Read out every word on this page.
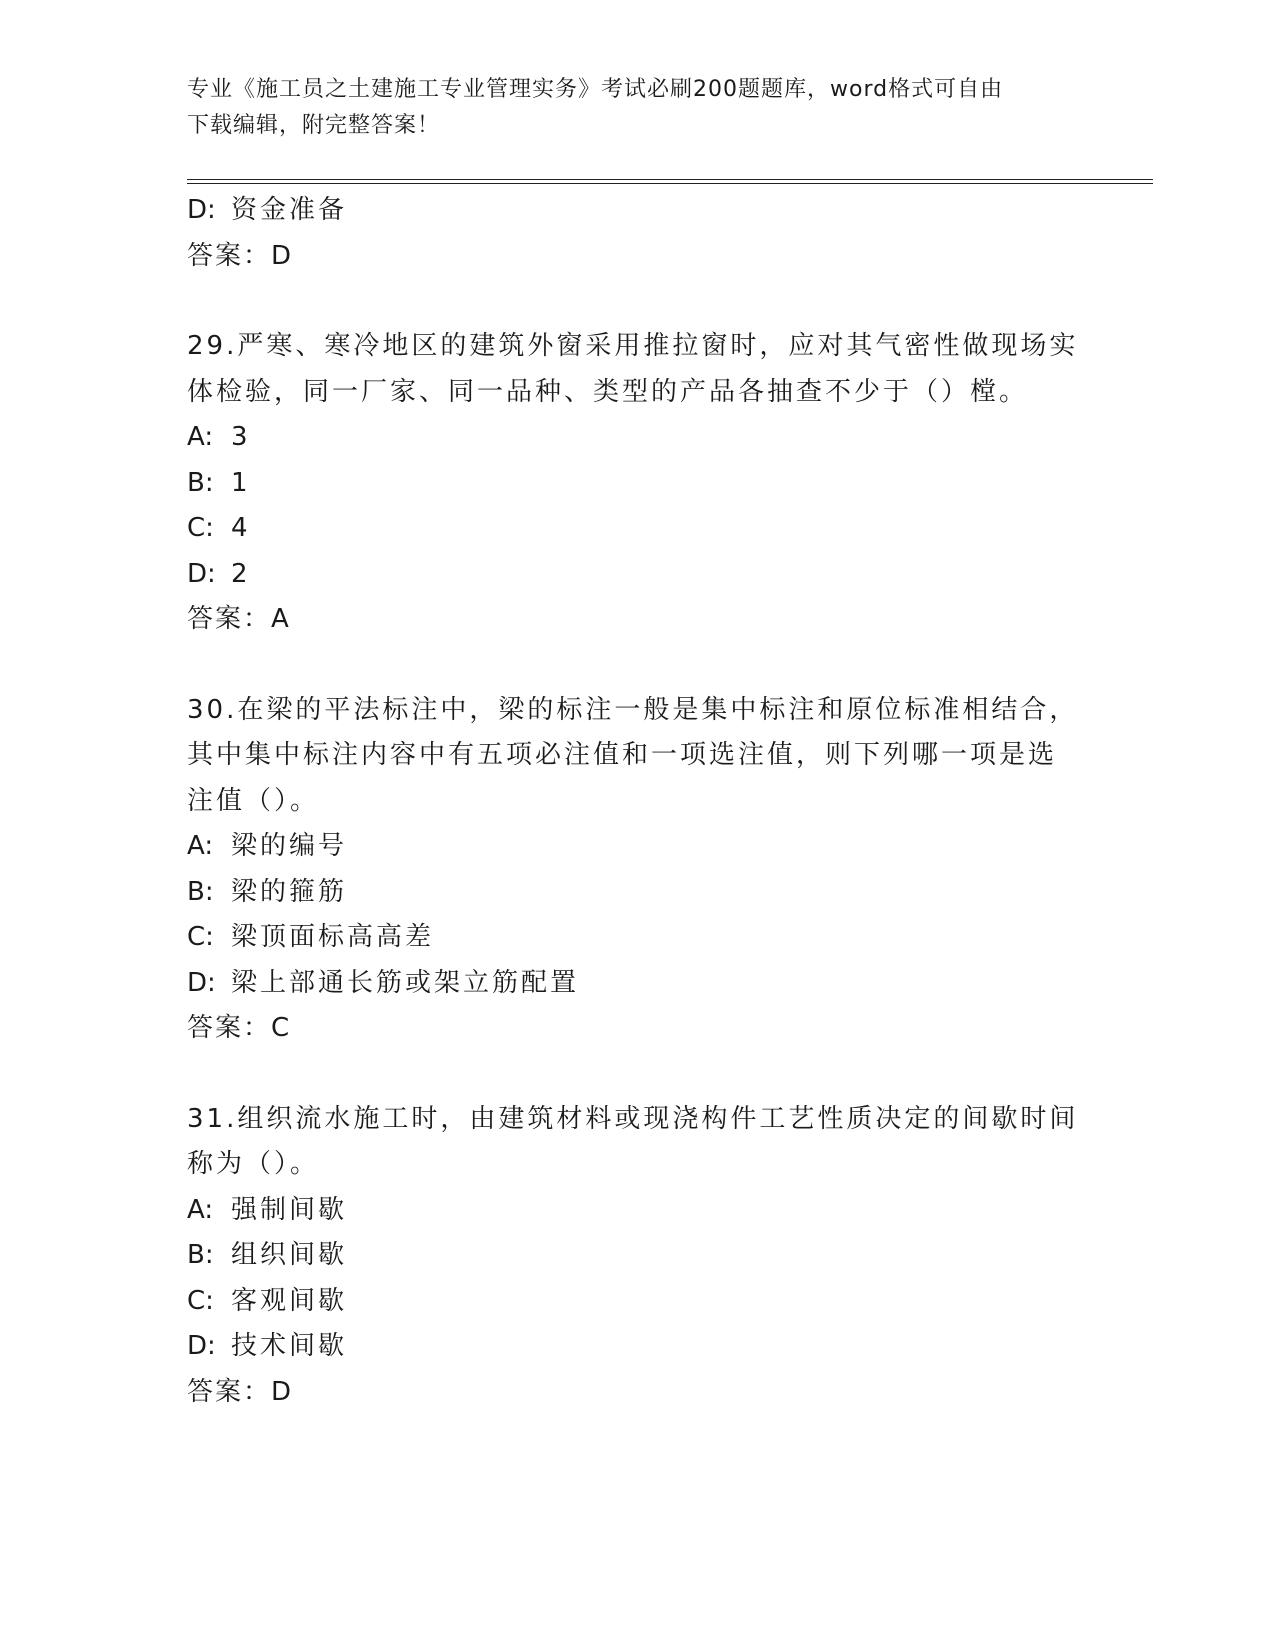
专业《施工员之土建施工专业管理实务》考试必刷200题题库，word格式可自由
下载编辑，附完整答案！
D: 资金准备
答案：D
29.严寒、寒冷地区的建筑外窗采用推拉窗时，应对其气密性做现场实
体检验，同一厂家、同一品种、类型的产品各抽查不少于（）樘。
A: 3
B: 1
C: 4
D: 2
答案：A
30.在梁的平法标注中，梁的标注一般是集中标注和原位标准相结合，
其中集中标注内容中有五项必注值和一项选注值，则下列哪一项是选
注值（）。
A: 梁的编号
B: 梁的箍筋
C: 梁顶面标高高差
D: 梁上部通长筋或架立筋配置
答案：C
31.组织流水施工时，由建筑材料或现浇构件工艺性质决定的间歇时间
称为（）。
A: 强制间歇
B: 组织间歇
C: 客观间歇
D: 技术间歇
答案：D
